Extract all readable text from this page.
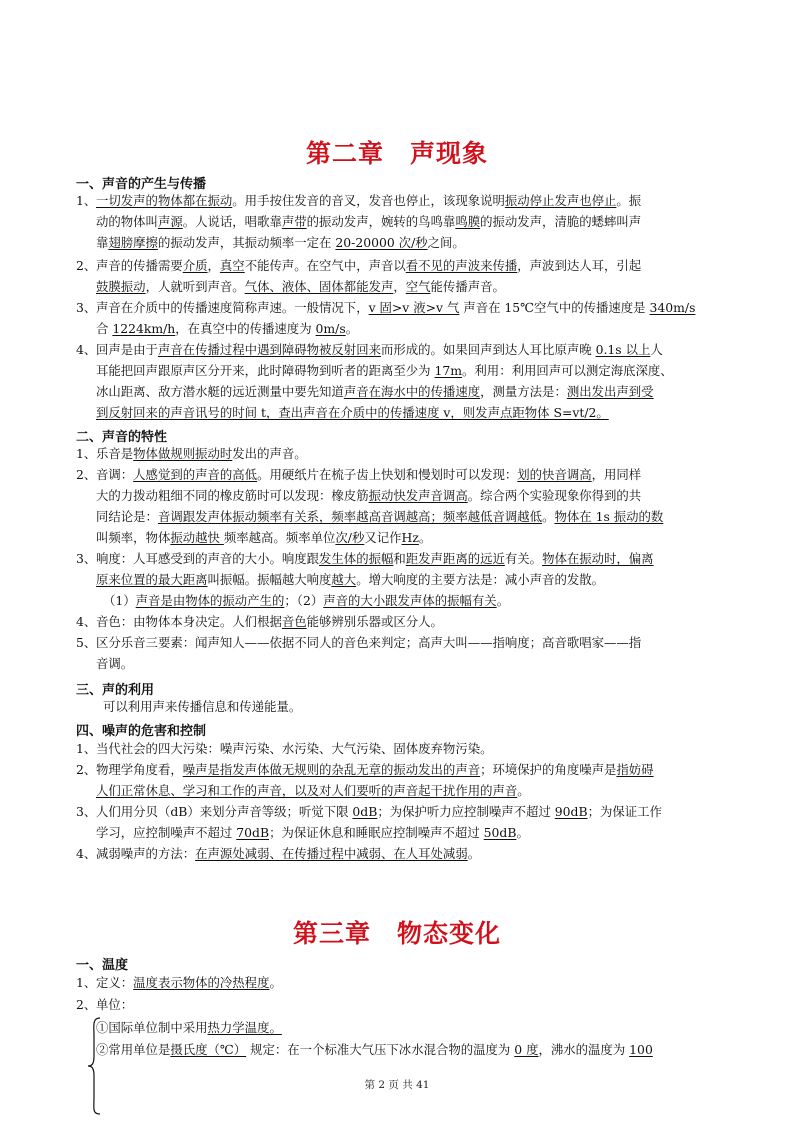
第二章 声现象
一、声音的产生与传播
1、一切发声的物体都在振动。用手按住发音的音叉，发音也停止，该现象说明振动停止发声也停止。振
动的物体叫声源。人说话，唱歌靠声带的振动发声，婉转的鸟鸣靠鸣膜的振动发声，清脆的蟋蟀叫声
靠翅膀摩擦的振动发声，其振动频率一定在 20-20000 次/秒之间。
2、声音的传播需要介质，真空不能传声。在空气中，声音以看不见的声波来传播，声波到达人耳，引起
鼓膜振动，人就听到声音。气体、液体、固体都能发声，空气能传播声音。
3、声音在介质中的传播速度简称声速。一般情况下，v 固>v 液>v 气 声音在 15℃空气中的传播速度是 340m/s
合 1224km/h，在真空中的传播速度为 0m/s。
4、回声是由于声音在传播过程中遇到障碍物被反射回来而形成的。如果回声到达人耳比原声晚 0.1s 以上人
耳能把回声跟原声区分开来，此时障碍物到听者的距离至少为 17m。利用：利用回声可以测定海底深度、
冰山距离、敌方潜水艇的远近测量中要先知道声音在海水中的传播速度，测量方法是：测出发出声到受
到反射回来的声音讯号的时间 t，查出声音在介质中的传播速度 v，则发声点距物体 S=vt/2。
二、声音的特性
1、乐音是物体做规则振动时发出的声音。
2、音调：人感觉到的声音的高低。用硬纸片在梳子齿上快划和慢划时可以发现：划的快音调高，用同样
大的力拨动粗细不同的橡皮筋时可以发现：橡皮筋振动快发声音调高。综合两个实验现象你得到的共
同结论是：音调跟发声体振动频率有关系，频率越高音调越高；频率越低音调越低。物体在 1s 振动的数
叫频率，物体振动越快 频率越高。频率单位次/秒又记作Hz。
3、响度：人耳感受到的声音的大小。响度跟发生体的振幅和距发声距离的远近有关。物体在振动时，偏离
原来位置的最大距离叫振幅。振幅越大响度越大。增大响度的主要方法是：减小声音的发散。
（1）声音是由物体的振动产生的；（2）声音的大小跟发声体的振幅有关。
4、音色：由物体本身决定。人们根据音色能够辨别乐器或区分人。
5、区分乐音三要素：闻声知人——依据不同人的音色来判定；高声大叫——指响度；高音歌唱家——指
音调。
三、声的利用
可以利用声来传播信息和传递能量。
四、噪声的危害和控制
1、当代社会的四大污染：噪声污染、水污染、大气污染、固体废弃物污染。
2、物理学角度看，噪声是指发声体做无规则的杂乱无章的振动发出的声音；环境保护的角度噪声是指妨碍
人们正常休息、学习和工作的声音，以及对人们要听的声音起干扰作用的声音。
3、人们用分贝（dB）来划分声音等级；听觉下限 0dB；为保护听力应控制噪声不超过 90dB；为保证工作
学习，应控制噪声不超过 70dB；为保证休息和睡眠应控制噪声不超过 50dB。
4、减弱噪声的方法：在声源处减弱、在传播过程中减弱、在人耳处减弱。
第三章 物态变化
一、温度
1、定义：温度表示物体的冷热程度。
2、单位：
①国际单位制中采用热力学温度。
②常用单位是摄氏度（℃） 规定：在一个标准大气压下冰水混合物的温度为 0 度，沸水的温度为 100
第 2 页 共 41
